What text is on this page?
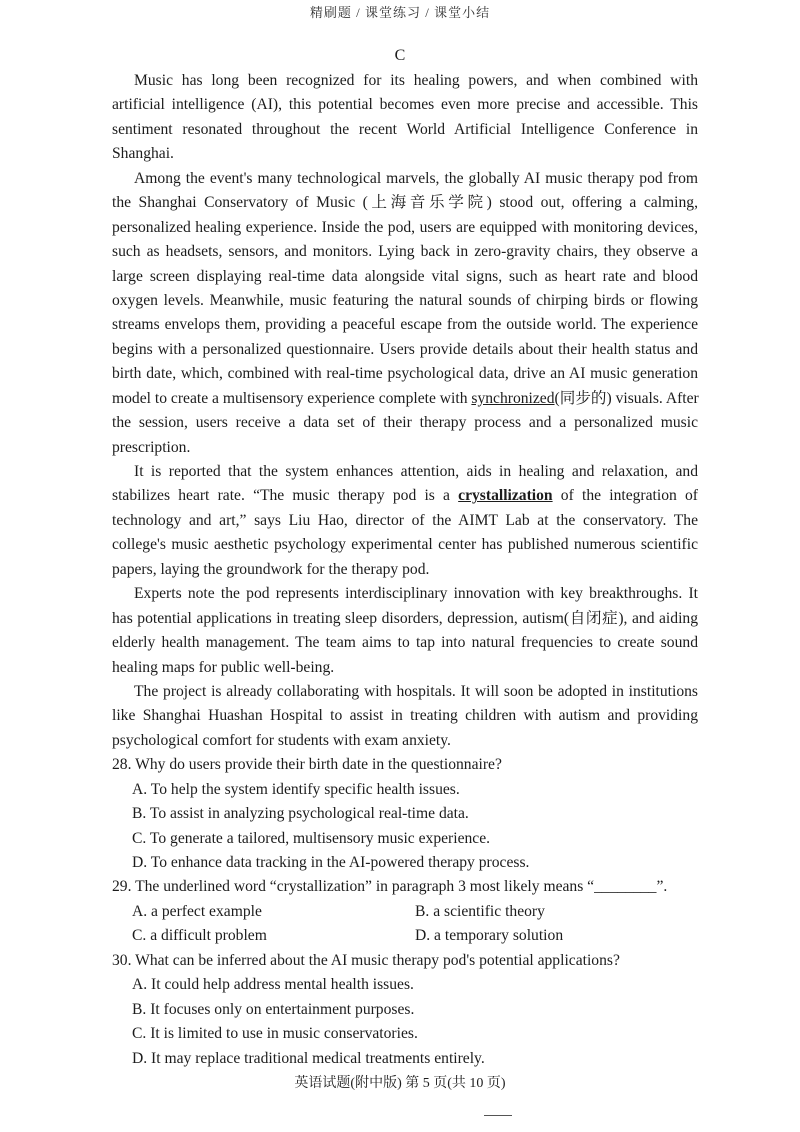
精刷题 / 课堂练习 / 课堂小结
C
Music has long been recognized for its healing powers, and when combined with
artificial intelligence (AI), this potential becomes even more precise and accessible. This
sentiment resonated throughout the recent World Artificial Intelligence Conference in
Shanghai.
Among the event's many technological marvels, the globally AI music therapy pod from
the Shanghai Conservatory of Music (上海音乐学院) stood out, offering a calming,
personalized healing experience. Inside the pod, users are equipped with monitoring devices,
such as headsets, sensors, and monitors. Lying back in zero-gravity chairs, they observe a
large screen displaying real-time data alongside vital signs, such as heart rate and blood
oxygen levels. Meanwhile, music featuring the natural sounds of chirping birds or flowing
streams envelops them, providing a peaceful escape from the outside world. The experience
begins with a personalized questionnaire. Users provide details about their health status and
birth date, which, combined with real-time psychological data, drive an AI music generation
model to create a multisensory experience complete with synchronized(同步的) visuals. After
the session, users receive a data set of their therapy process and a personalized music
prescription.
It is reported that the system enhances attention, aids in healing and relaxation, and
stabilizes heart rate. “The music therapy pod is a crystallization of the integration of
technology and art,” says Liu Hao, director of the AIMT Lab at the conservatory. The
college's music aesthetic psychology experimental center has published numerous scientific
papers, laying the groundwork for the therapy pod.
Experts note the pod represents interdisciplinary innovation with key breakthroughs. It
has potential applications in treating sleep disorders, depression, autism(自闭症), and aiding
elderly health management. The team aims to tap into natural frequencies to create sound
healing maps for public well-being.
The project is already collaborating with hospitals. It will soon be adopted in institutions
like Shanghai Huashan Hospital to assist in treating children with autism and providing
psychological comfort for students with exam anxiety.
28. Why do users provide their birth date in the questionnaire?
A. To help the system identify specific health issues.
B. To assist in analyzing psychological real-time data.
C. To generate a tailored, multisensory music experience.
D. To enhance data tracking in the AI-powered therapy process.
29. The underlined word “crystallization” in paragraph 3 most likely means “________”.
A. a perfect example	B. a scientific theory
C. a difficult problem	D. a temporary solution
30. What can be inferred about the AI music therapy pod's potential applications?
A. It could help address mental health issues.
B. It focuses only on entertainment purposes.
C. It is limited to use in music conservatories.
D. It may replace traditional medical treatments entirely.
英语试题(附中版) 第 5 页(共 10 页)
